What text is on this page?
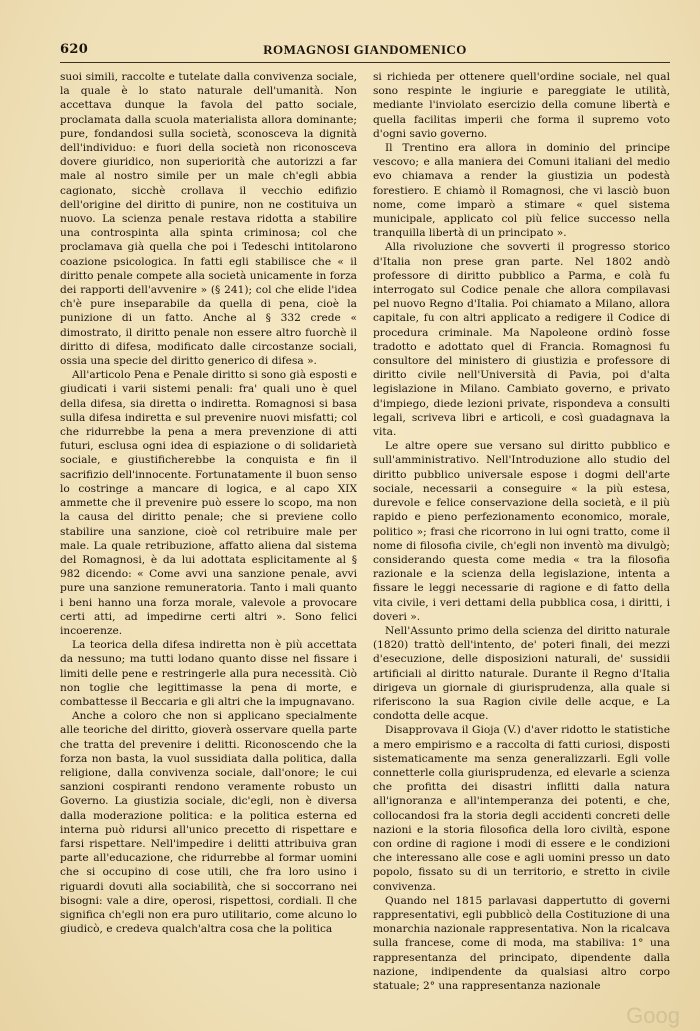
620	ROMAGNOSI GIANDOMENICO

suoi simili, raccolte e tutelate dalla convivenza sociale, la quale è lo stato naturale dell'umanità. Non accettava dunque la favola del patto sociale, proclamata dalla scuola materialista allora dominante; pure, fondandosi sulla società, sconosceva la dignità dell'individuo: e fuori della società non riconosceva dovere giuridico, non superiorità che autorizzi a far male al nostro simile per un male ch'egli abbia cagionato, sicchè crollava il vecchio edifizio dell'origine del diritto di punire, non ne costituiva un nuovo. La scienza penale restava ridotta a stabilire una controspinta alla spinta criminosa; col che proclamava già quella che poi i Tedeschi intitolarono coazione psicologica. In fatti egli stabilisce che « il diritto penale compete alla società unicamente in forza dei rapporti dell'avvenire » (§ 241); col che elide l'idea ch'è pure inseparabile da quella di pena, cioè la punizione di un fatto. Anche al § 332 crede « dimostrato, il diritto penale non essere altro fuorchè il diritto di difesa, modificato dalle circostanze sociali, ossia una specie del diritto generico di difesa ».

All'articolo Pena e Penale diritto si sono già esposti e giudicati i varii sistemi penali: fra' quali uno è quel della difesa, sia diretta o indiretta. Romagnosi si basa sulla difesa indiretta e sul prevenire nuovi misfatti; col che ridurrebbe la pena a mera prevenzione di atti futuri, esclusa ogni idea di espiazione o di solidarietà sociale, e giustificherebbe la conquista e fin il sacrifizio dell'innocente. Fortunatamente il buon senso lo costringe a mancare di logica, e al capo XIX ammette che il prevenire può essere lo scopo, ma non la causa del diritto penale; che si previene collo stabilire una sanzione, cioè col retribuire male per male. La quale retribuzione, affatto aliena dal sistema del Romagnosi, è da lui adottata esplicitamente al § 982 dicendo: « Come avvi una sanzione penale, avvi pure una sanzione remuneratoria. Tanto i mali quanto i beni hanno una forza morale, valevole a provocare certi atti, ad impedirne certi altri ». Sono felici incoerenze.

La teorica della difesa indiretta non è più accettata da nessuno; ma tutti lodano quanto disse nel fissare i limiti delle pene e restringerle alla pura necessità. Ciò non toglie che legittimasse la pena di morte, e combattesse il Beccaria e gli altri che la impugnavano.

Anche a coloro che non si applicano specialmente alle teoriche del diritto, gioverà osservare quella parte che tratta del prevenire i delitti. Riconoscendo che la forza non basta, la vuol sussidiata dalla politica, dalla religione, dalla convivenza sociale, dall'onore; le cui sanzioni cospiranti rendono veramente robusto un Governo. La giustizia sociale, dic'egli, non è diversa dalla moderazione politica: e la politica esterna ed interna può ridursi all'unico precetto di rispettare e farsi rispettare. Nell'impedire i delitti attribuiva gran parte all'educazione, che ridurrebbe al formar uomini che si occupino di cose utili, che fra loro usino i riguardi dovuti alla sociabilità, che si soccorrano nei bisogni: vale a dire, operosi, rispettosi, cordiali. Il che significa ch'egli non era puro utilitario, come alcuno lo giudicò, e credeva qualch'altra cosa che la politica

si richieda per ottenere quell'ordine sociale, nel qual sono respinte le ingiurie e pareggiate le utilità, mediante l'inviolato esercizio della comune libertà e quella facilitas imperii che forma il supremo voto d'ogni savio governo.

Il Trentino era allora in dominio del principe vescovo; e alla maniera dei Comuni italiani del medio evo chiamava a render la giustizia un podestà forestiero. E chiamò il Romagnosi, che vi lasciò buon nome, come imparò a stimare « quel sistema municipale, applicato col più felice successo nella tranquilla libertà di un principato ».

Alla rivoluzione che sovverti il progresso storico d'Italia non prese gran parte. Nel 1802 andò professore di diritto pubblico a Parma, e colà fu interrogato sul Codice penale che allora compilavasi pel nuovo Regno d'Italia. Poi chiamato a Milano, allora capitale, fu con altri applicato a redigere il Codice di procedura criminale. Ma Napoleone ordinò fosse tradotto e adottato quel di Francia. Romagnosi fu consultore del ministero di giustizia e professore di diritto civile nell'Università di Pavia, poi d'alta legislazione in Milano. Cambiato governo, e privato d'impiego, diede lezioni private, rispondeva a consulti legali, scriveva libri e articoli, e così guadagnava la vita.

Le altre opere sue versano sul diritto pubblico e sull'amministrativo. Nell'Introduzione allo studio del diritto pubblico universale espose i dogmi dell'arte sociale, necessarii a conseguire « la più estesa, durevole e felice conservazione della società, e il più rapido e pieno perfezionamento economico, morale, politico »; frasi che ricorrono in lui ogni tratto, come il nome di filosofia civile, ch'egli non inventò ma divulgò; considerando questa come media « tra la filosofia razionale e la scienza della legislazione, intenta a fissare le leggi necessarie di ragione e di fatto della vita civile, i veri dettami della pubblica cosa, i diritti, i doveri ».

Nell'Assunto primo della scienza del diritto naturale (1820) trattò dell'intento, de' poteri finali, dei mezzi d'esecuzione, delle disposizioni naturali, de' sussidii artificiali al diritto naturale. Durante il Regno d'Italia dirigeva un giornale di giurisprudenza, alla quale si riferiscono la sua Ragion civile delle acque, e La condotta delle acque.

Disapprovava il Gioja (V.) d'aver ridotto le statistiche a mero empirismo e a raccolta di fatti curiosi, disposti sistematicamente ma senza generalizzarli. Egli volle connetterle colla giurisprudenza, ed elevarle a scienza che profitta dei disastri inflitti dalla natura all'ignoranza e all'intemperanza dei potenti, e che, collocandosi fra la storia degli accidenti concreti delle nazioni e la storia filosofica della loro civiltà, espone con ordine di ragione i modi di essere e le condizioni che interessano alle cose e agli uomini presso un dato popolo, fissato su di un territorio, e stretto in civile convivenza.

Quando nel 1815 parlavasi dappertutto di governi rappresentativi, egli pubblicò della Costituzione di una monarchia nazionale rappresentativa. Non la ricalcava sulla francese, come di moda, ma stabiliva: 1° una rappresentanza del principato, dipendente dalla nazione, indipendente da qualsiasi altro corpo statuale; 2° una rappresentanza nazionale

Goog
